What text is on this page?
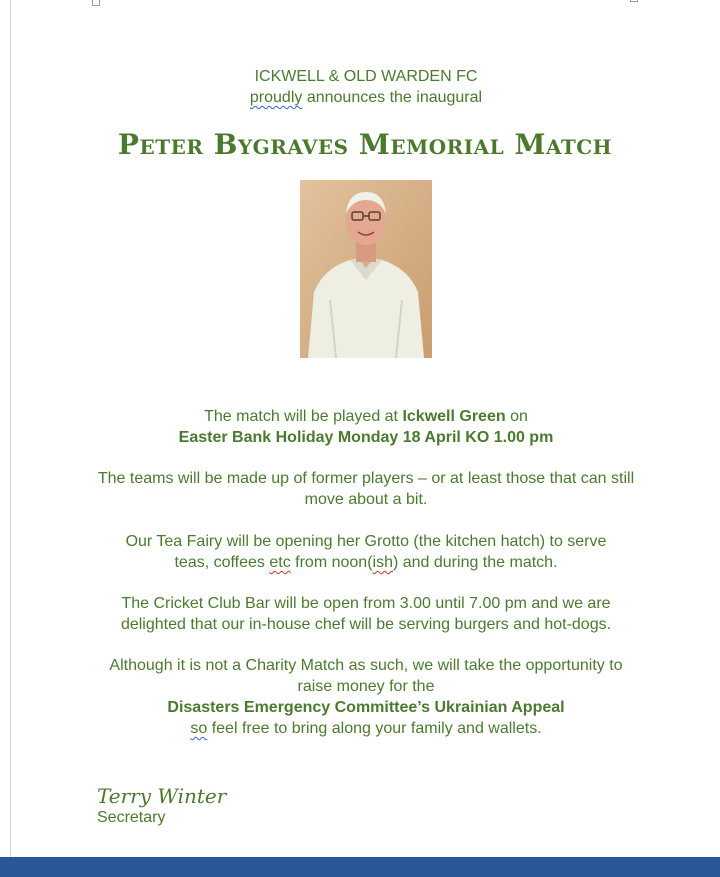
ICKWELL & OLD WARDEN FC
proudly announces the inaugural
Peter Bygraves Memorial Match
The match will be played at Ickwell Green on
Easter Bank Holiday Monday 18 April KO 1.00 pm
The teams will be made up of former players – or at least those that can still move about a bit.
Our Tea Fairy will be opening her Grotto (the kitchen hatch) to serve
teas, coffees etc from noon(ish) and during the match.
The Cricket Club Bar will be open from 3.00 until 7.00 pm and we are delighted that our in-house chef will be serving burgers and hot-dogs.
Although it is not a Charity Match as such, we will take the opportunity to raise money for the
Disasters Emergency Committee’s Ukrainian Appeal
so feel free to bring along your family and wallets.
Terry Winter
Secretary
